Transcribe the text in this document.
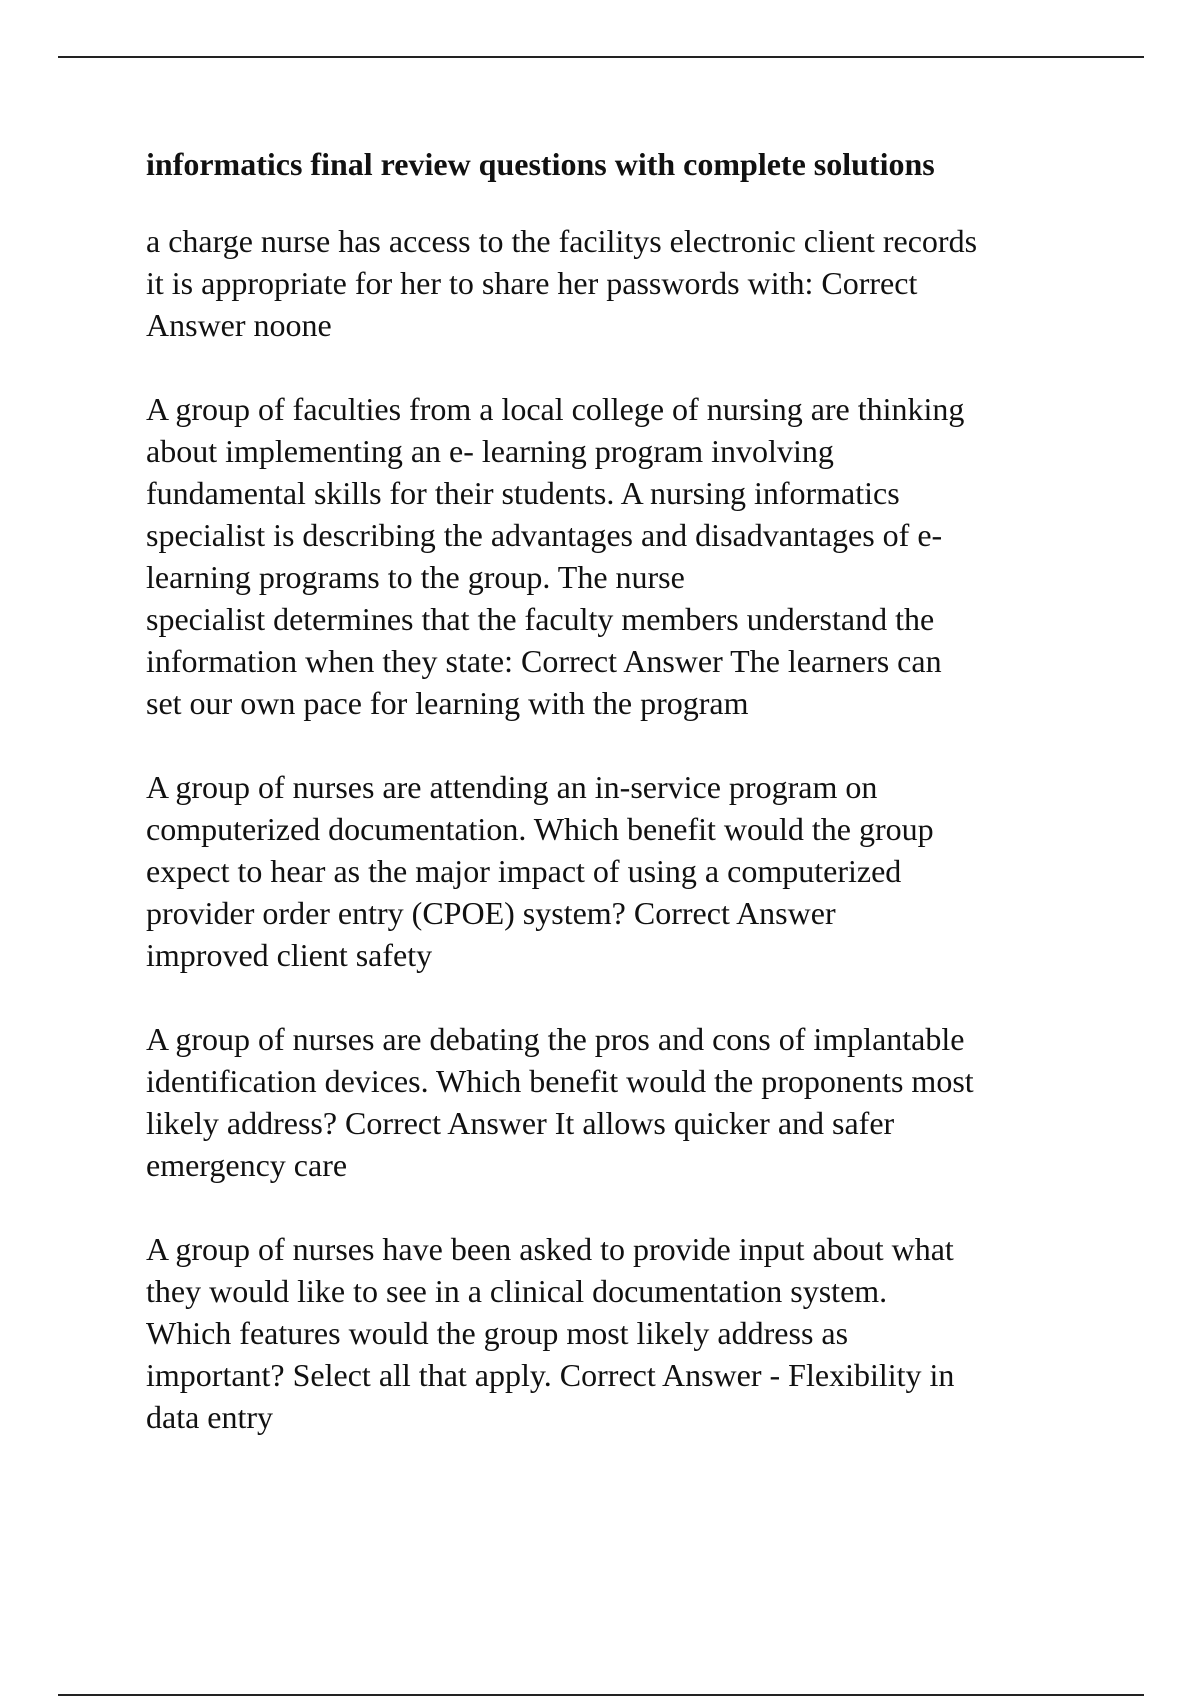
informatics final review questions with complete solutions
a charge nurse has access to the facilitys electronic client records
it is appropriate for her to share her passwords with: Correct
Answer noone
A group of faculties from a local college of nursing are thinking
about implementing an e- learning program involving
fundamental skills for their students. A nursing informatics
specialist is describing the advantages and disadvantages of e-
learning programs to the group. The nurse
specialist determines that the faculty members understand the
information when they state: Correct Answer The learners can
set our own pace for learning with the program
A group of nurses are attending an in-service program on
computerized documentation. Which benefit would the group
expect to hear as the major impact of using a computerized
provider order entry (CPOE) system? Correct Answer
improved client safety
A group of nurses are debating the pros and cons of implantable
identification devices. Which benefit would the proponents most
likely address? Correct Answer It allows quicker and safer
emergency care
A group of nurses have been asked to provide input about what
they would like to see in a clinical documentation system.
Which features would the group most likely address as
important? Select all that apply. Correct Answer - Flexibility in
data entry
